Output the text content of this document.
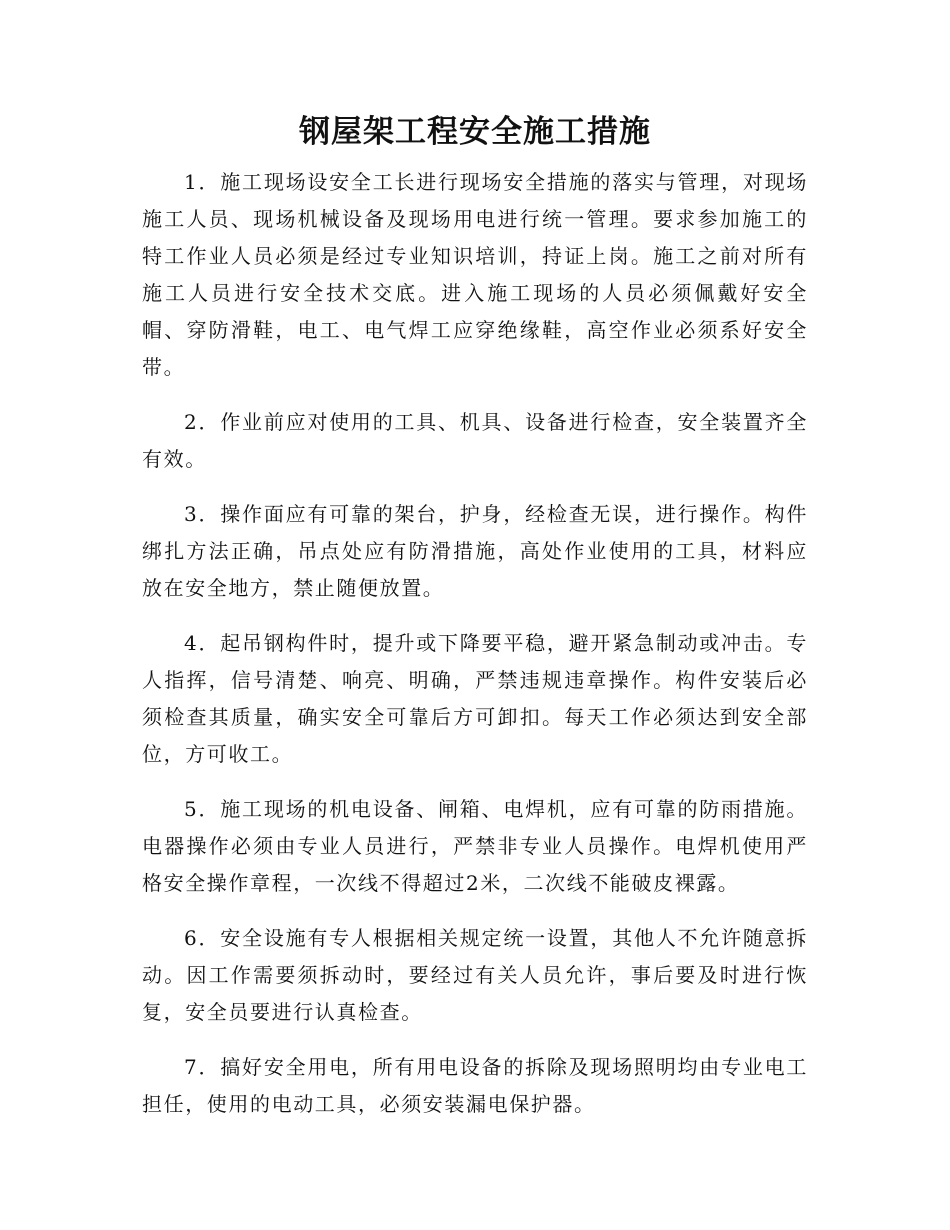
钢屋架工程安全施工措施

1．施工现场设安全工长进行现场安全措施的落实与管理，对现场施工人员、现场机械设备及现场用电进行统一管理。要求参加施工的特工作业人员必须是经过专业知识培训，持证上岗。施工之前对所有施工人员进行安全技术交底。进入施工现场的人员必须佩戴好安全帽、穿防滑鞋，电工、电气焊工应穿绝缘鞋，高空作业必须系好安全带。

2．作业前应对使用的工具、机具、设备进行检查，安全装置齐全有效。

3．操作面应有可靠的架台，护身，经检查无误，进行操作。构件绑扎方法正确，吊点处应有防滑措施，高处作业使用的工具，材料应放在安全地方，禁止随便放置。

4．起吊钢构件时，提升或下降要平稳，避开紧急制动或冲击。专人指挥，信号清楚、响亮、明确，严禁违规违章操作。构件安装后必须检查其质量，确实安全可靠后方可卸扣。每天工作必须达到安全部位，方可收工。

5．施工现场的机电设备、闸箱、电焊机，应有可靠的防雨措施。电器操作必须由专业人员进行，严禁非专业人员操作。电焊机使用严格安全操作章程，一次线不得超过2米，二次线不能破皮裸露。

6．安全设施有专人根据相关规定统一设置，其他人不允许随意拆动。因工作需要须拆动时，要经过有关人员允许，事后要及时进行恢复，安全员要进行认真检查。

7．搞好安全用电，所有用电设备的拆除及现场照明均由专业电工担任，使用的电动工具，必须安装漏电保护器。
